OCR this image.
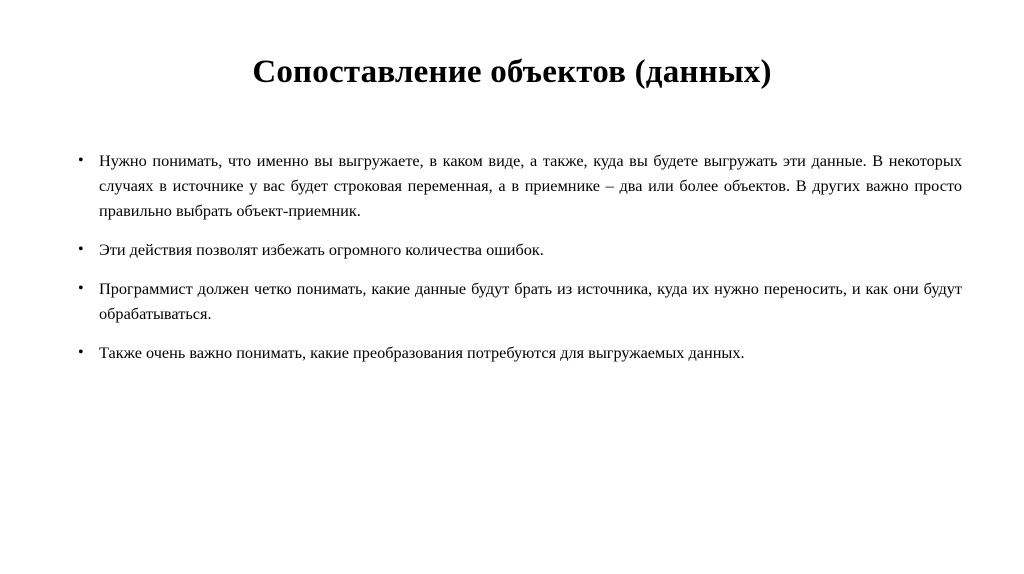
Сопоставление объектов (данных)
• Нужно понимать, что именно вы выгружаете, в каком виде, а также, куда вы будете выгружать эти данные. В некоторых случаях в источнике у вас будет строковая переменная, а в приемнике – два или более объектов. В других важно просто правильно выбрать объект-приемник.
• Эти действия позволят избежать огромного количества ошибок.
• Программист должен четко понимать, какие данные будут брать из источника, куда их нужно переносить, и как они будут обрабатываться.
• Также очень важно понимать, какие преобразования потребуются для выгружаемых данных.
